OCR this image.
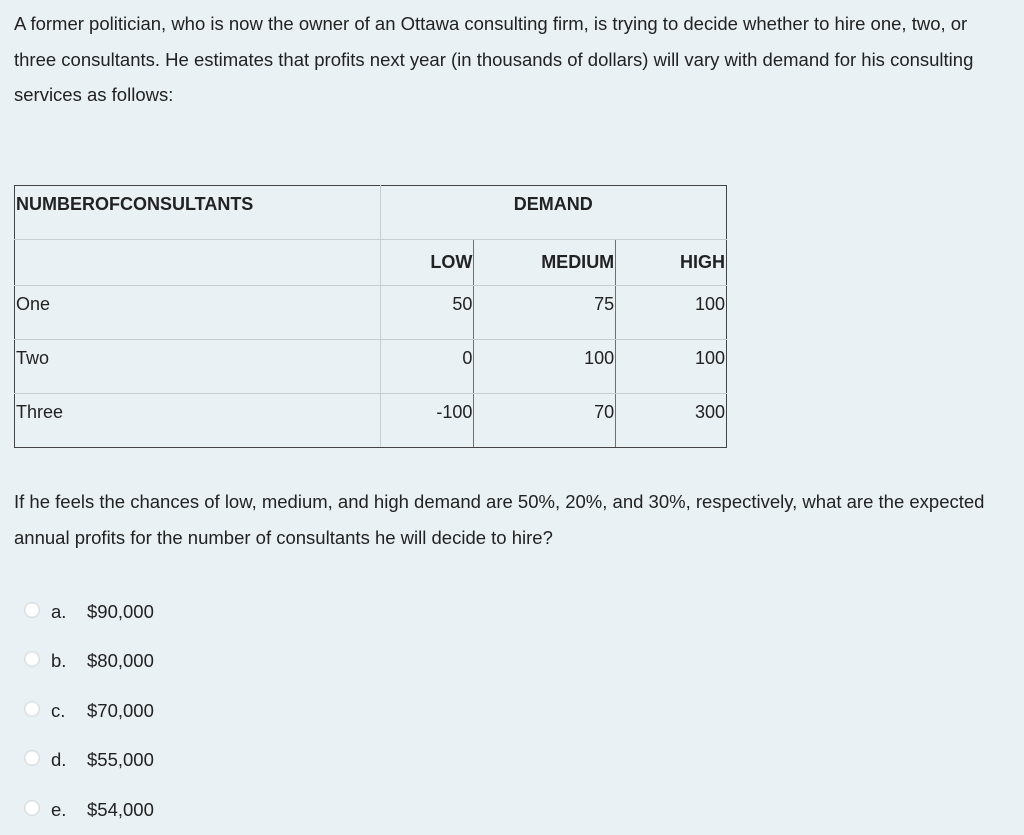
A former politician, who is now the owner of an Ottawa consulting firm, is trying to decide whether to hire one, two, or three consultants. He estimates that profits next year (in thousands of dollars) will vary with demand for his consulting services as follows:

NUMBEROFCONSULTANTS	DEMAND		
	LOW	MEDIUM	HIGH
One	50	75	100
Two	0	100	100
Three	-100	70	300

If he feels the chances of low, medium, and high demand are 50%, 20%, and 30%, respectively, what are the expected annual profits for the number of consultants he will decide to hire?

a.	$90,000
b.	$80,000
c.	$70,000
d.	$55,000
e.	$54,000
